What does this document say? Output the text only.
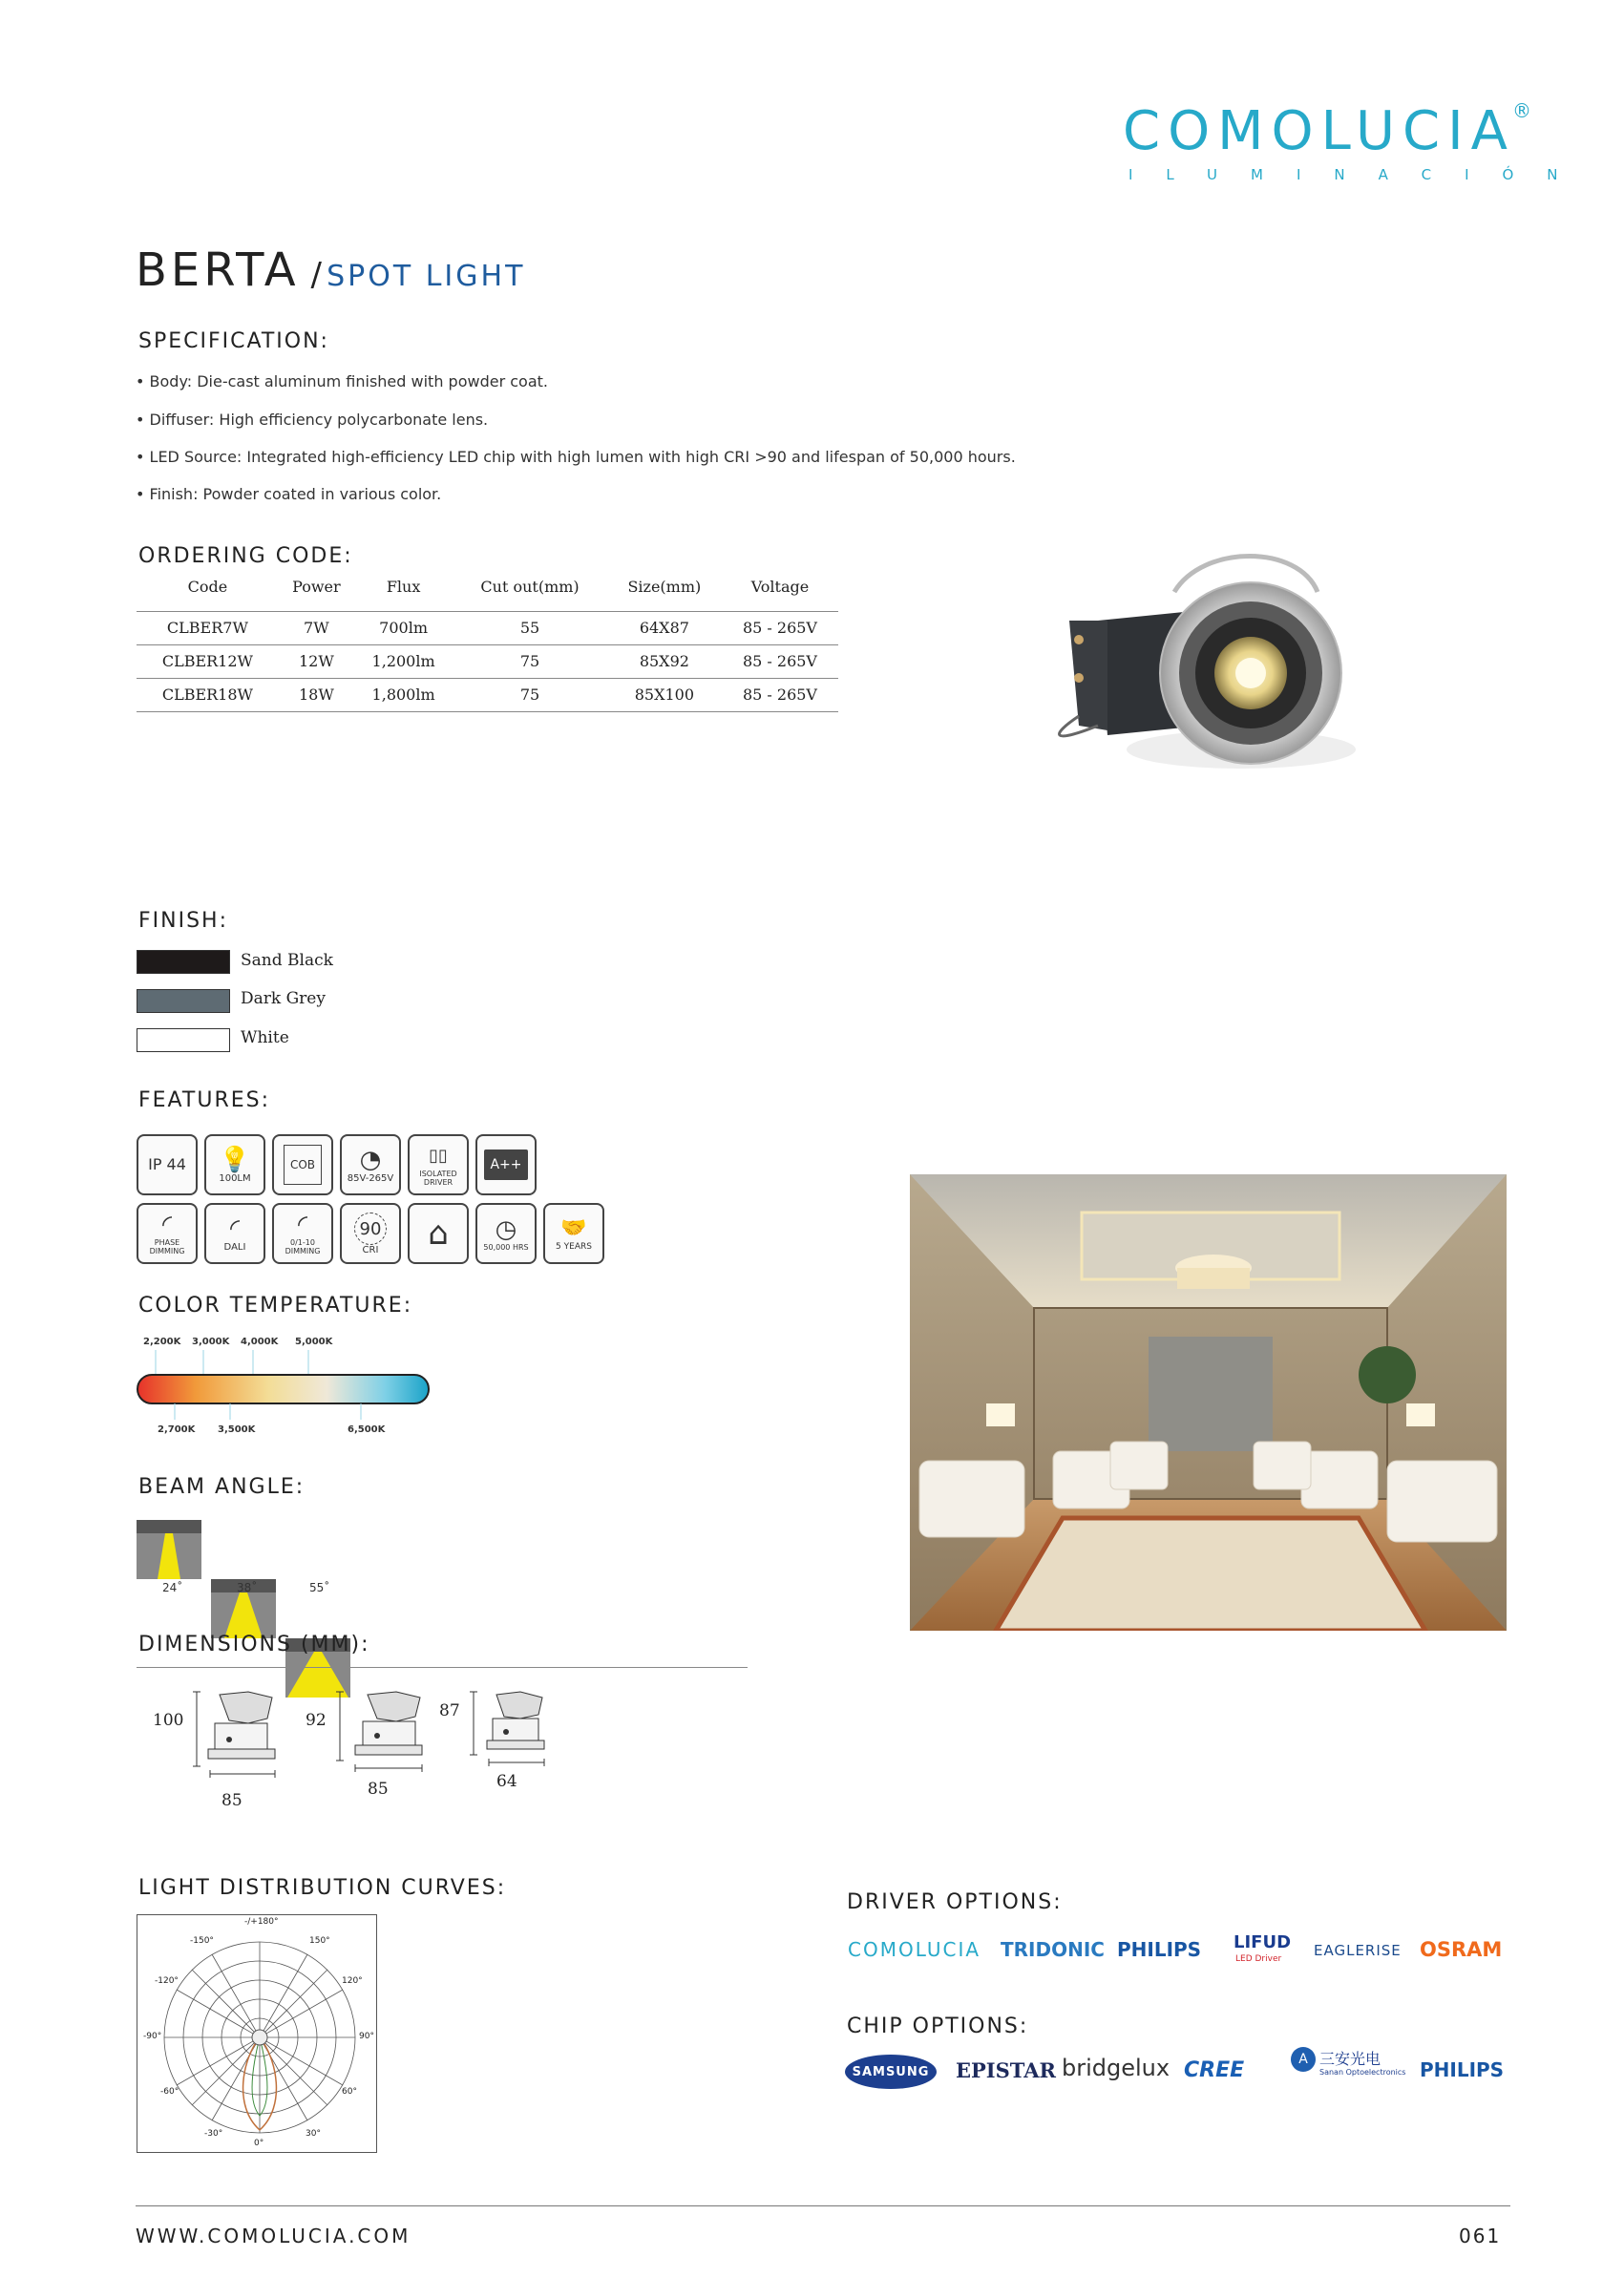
COMOLUCIA
®
ILUMINACIÓN
BERTA / SPOT LIGHT
SPECIFICATION:
• Body: Die-cast aluminum finished with powder coat.
• Diffuser: High efficiency polycarbonate lens.
• LED Source: Integrated high-efficiency LED chip with high lumen with high CRI >90 and lifespan of 50,000 hours.
• Finish: Powder coated in various color.
ORDERING CODE:
Code	Power	Flux	Cut out(mm)	Size(mm)	Voltage
CLBER7W	7W	700lm	55	64X87	85 - 265V
CLBER12W	12W	1,200lm	75	85X92	85 - 265V
CLBER18W	18W	1,800lm	75	85X100	85 - 265V
FINISH:
Sand Black
Dark Grey
White
FEATURES:
IP 44 💡
100LM
COB ◔
85V-265V
▯▯
ISOLATED DRIVER
A++
◜
PHASE DIMMING
◜
DALI
◜
0/1-10 DIMMING
90
CRI ⌂ ◷
50,000 HRS
🤝
5 YEARS
COLOR TEMPERATURE:
2,200K 3,000K 4,000K 5,000K
2,700K 3,500K	6,500K
BEAM ANGLE:
24˚	38˚	55˚
DIMENSIONS (MM):
100
85
92
85
87
64
LIGHT DISTRIBUTION CURVES:
-/+180°
-150°	150°
-120°	120°
-90°	90°
-60°	60°
-30°	30°
0°
DRIVER OPTIONS:
COMOLUCIA TRIDONIC PHILIPS LIFUD
LED Driver EAGLERISE OSRAM
CHIP OPTIONS:
SAMSUNG EPISTAR bridgelux CREE	A 三安光电
Sanan Optoelectronics PHILIPS
WWW.COMOLUCIA.COM	061
